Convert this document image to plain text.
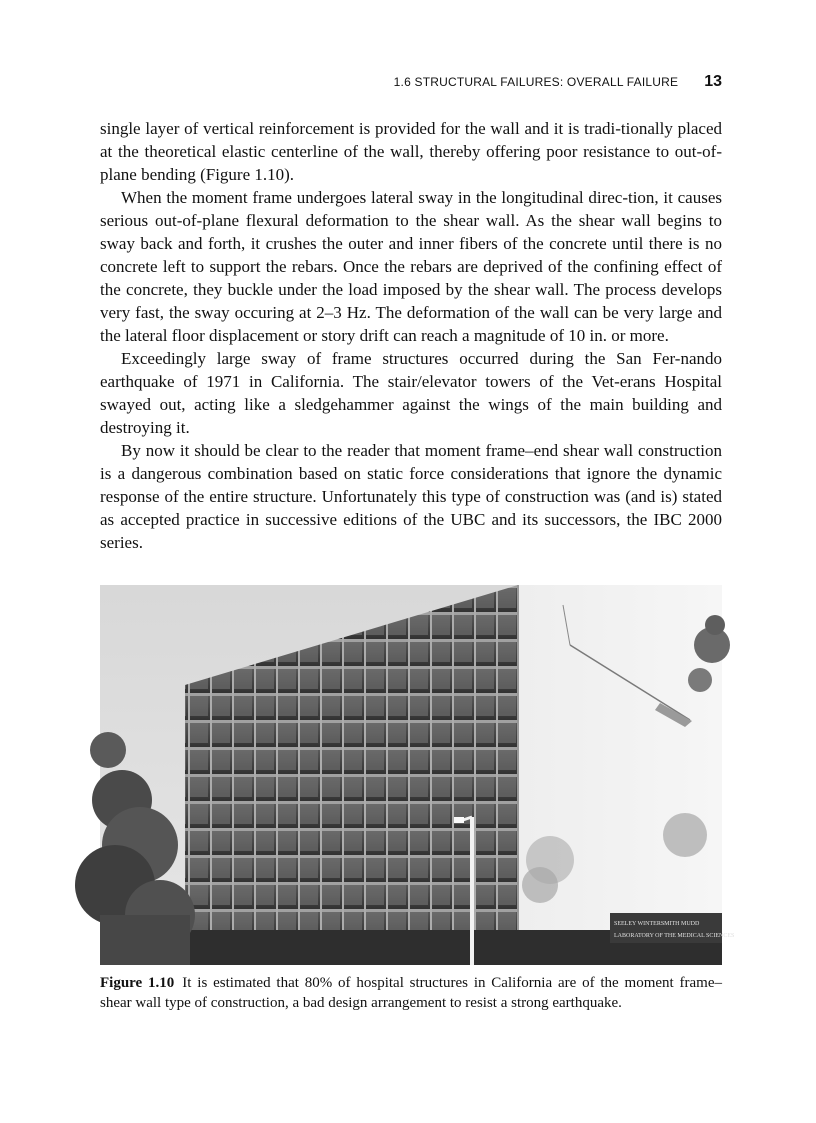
1.6 STRUCTURAL FAILURES: OVERALL FAILURE 13

single layer of vertical reinforcement is provided for the wall and it is tradi-tionally placed at the theoretical elastic centerline of the wall, thereby offering poor resistance to out-of-plane bending (Figure 1.10).

When the moment frame undergoes lateral sway in the longitudinal direc-tion, it causes serious out-of-plane flexural deformation to the shear wall. As the shear wall begins to sway back and forth, it crushes the outer and inner fibers of the concrete until there is no concrete left to support the rebars. Once the rebars are deprived of the confining effect of the concrete, they buckle under the load imposed by the shear wall. The process develops very fast, the sway occuring at 2–3 Hz. The deformation of the wall can be very large and the lateral floor displacement or story drift can reach a magnitude of 10 in. or more.

Exceedingly large sway of frame structures occurred during the San Fer-nando earthquake of 1971 in California. The stair/elevator towers of the Vet-erans Hospital swayed out, acting like a sledgehammer against the wings of the main building and destroying it.

By now it should be clear to the reader that moment frame–end shear wall construction is a dangerous combination based on static force considerations that ignore the dynamic response of the entire structure. Unfortunately this type of construction was (and is) stated as accepted practice in successive editions of the UBC and its successors, the IBC 2000 series.

SEELEY WINTERSMITH MUDD
LABORATORY OF THE MEDICAL SCIENCES
Figure 1.10 It is estimated that 80% of hospital structures in California are of the moment frame–shear wall type of construction, a bad design arrangement to resist a strong earthquake.
